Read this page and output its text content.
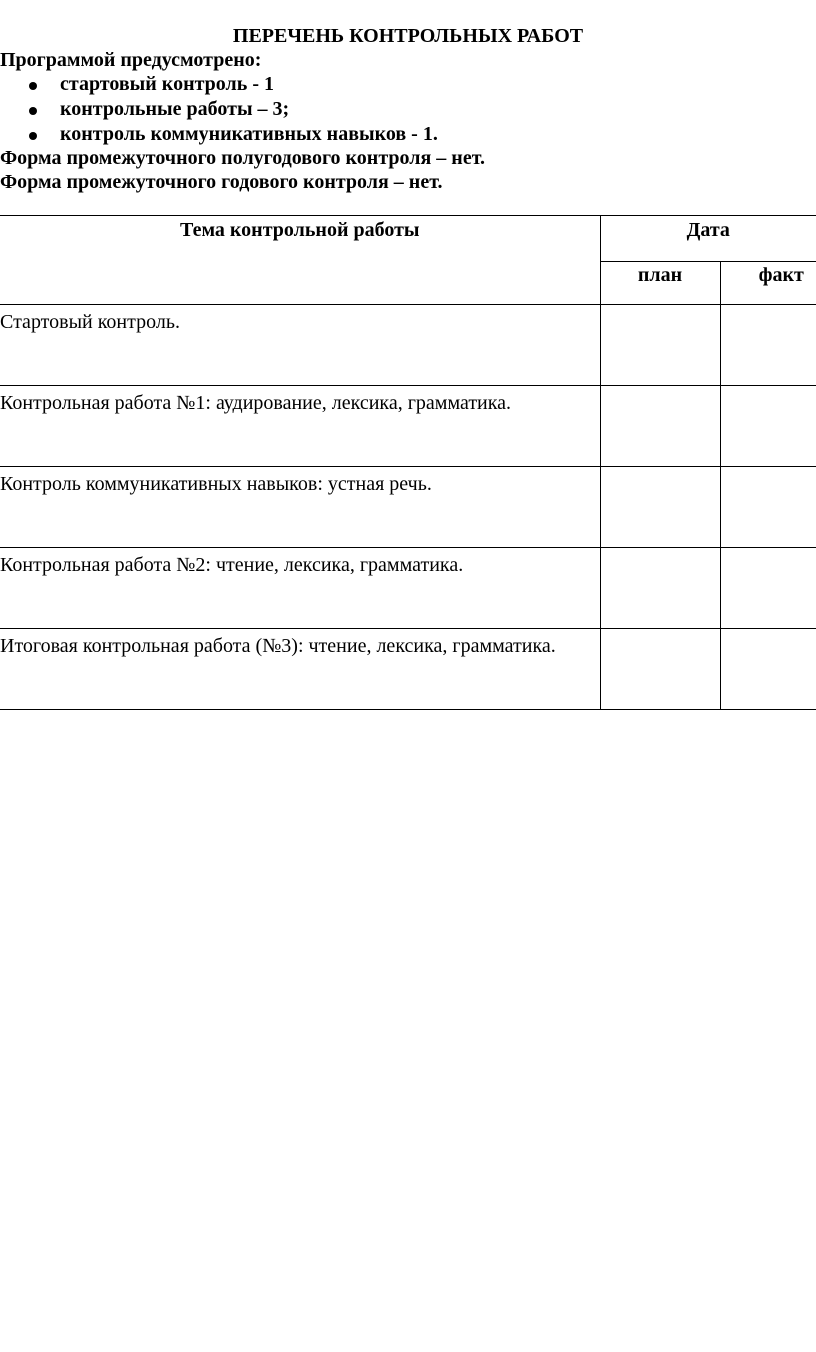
ПЕРЕЧЕНЬ КОНТРОЛЬНЫХ РАБОТ

Программой предусмотрено:

стартовый контроль - 1
контрольные работы – 3;
контроль коммуникативных навыков - 1.

Форма промежуточного полугодового контроля – нет.

Форма промежуточного годового контроля – нет.

Тема контрольной работы	Дата	
	план	факт
Стартовый контроль.		
Контрольная работа №1: аудирование, лексика, грамматика.		
Контроль коммуникативных навыков: устная речь.		
Контрольная работа №2: чтение, лексика, грамматика.		
Итоговая контрольная работа (№3): чтение, лексика, грамматика.		
